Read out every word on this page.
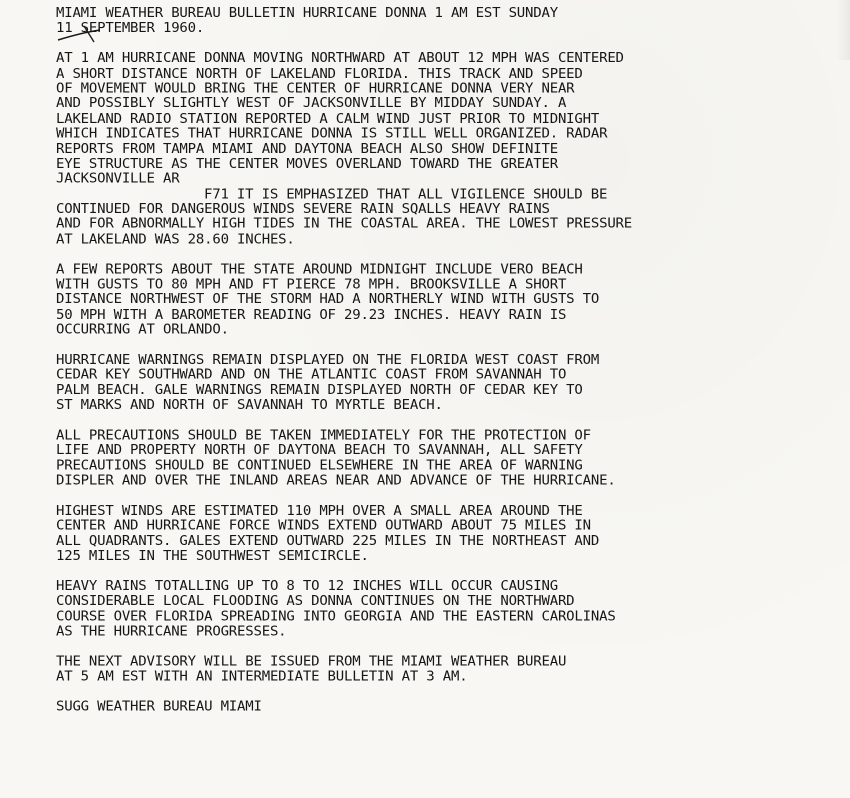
MIAMI WEATHER BUREAU BULLETIN HURRICANE DONNA 1 AM EST SUNDAY
11 SEPTEMBER 1960.
AT 1 AM HURRICANE DONNA MOVING NORTHWARD AT ABOUT 12 MPH WAS CENTERED
A SHORT DISTANCE NORTH OF LAKELAND FLORIDA. THIS TRACK AND SPEED
OF MOVEMENT WOULD BRING THE CENTER OF HURRICANE DONNA VERY NEAR
AND POSSIBLY SLIGHTLY WEST OF JACKSONVILLE BY MIDDAY SUNDAY. A
LAKELAND RADIO STATION REPORTED A CALM WIND JUST PRIOR TO MIDNIGHT
WHICH INDICATES THAT HURRICANE DONNA IS STILL WELL ORGANIZED. RADAR
REPORTS FROM TAMPA MIAMI AND DAYTONA BEACH ALSO SHOW DEFINITE
EYE STRUCTURE AS THE CENTER MOVES OVERLAND TOWARD THE GREATER
JACKSONVILLE AR
F71 IT IS EMPHASIZED THAT ALL VIGILENCE SHOULD BE
CONTINUED FOR DANGEROUS WINDS SEVERE RAIN SQALLS HEAVY RAINS
AND FOR ABNORMALLY HIGH TIDES IN THE COASTAL AREA. THE LOWEST PRESSURE
AT LAKELAND WAS 28.60 INCHES.
A FEW REPORTS ABOUT THE STATE AROUND MIDNIGHT INCLUDE VERO BEACH
WITH GUSTS TO 80 MPH AND FT PIERCE 78 MPH. BROOKSVILLE A SHORT
DISTANCE NORTHWEST OF THE STORM HAD A NORTHERLY WIND WITH GUSTS TO
50 MPH WITH A BAROMETER READING OF 29.23 INCHES. HEAVY RAIN IS
OCCURRING AT ORLANDO.
HURRICANE WARNINGS REMAIN DISPLAYED ON THE FLORIDA WEST COAST FROM
CEDAR KEY SOUTHWARD AND ON THE ATLANTIC COAST FROM SAVANNAH TO
PALM BEACH. GALE WARNINGS REMAIN DISPLAYED NORTH OF CEDAR KEY TO
ST MARKS AND NORTH OF SAVANNAH TO MYRTLE BEACH.
ALL PRECAUTIONS SHOULD BE TAKEN IMMEDIATELY FOR THE PROTECTION OF
LIFE AND PROPERTY NORTH OF DAYTONA BEACH TO SAVANNAH, ALL SAFETY
PRECAUTIONS SHOULD BE CONTINUED ELSEWHERE IN THE AREA OF WARNING
DISPLER AND OVER THE INLAND AREAS NEAR AND ADVANCE OF THE HURRICANE.
HIGHEST WINDS ARE ESTIMATED 110 MPH OVER A SMALL AREA AROUND THE
CENTER AND HURRICANE FORCE WINDS EXTEND OUTWARD ABOUT 75 MILES IN
ALL QUADRANTS. GALES EXTEND OUTWARD 225 MILES IN THE NORTHEAST AND
125 MILES IN THE SOUTHWEST SEMICIRCLE.
HEAVY RAINS TOTALLING UP TO 8 TO 12 INCHES WILL OCCUR CAUSING
CONSIDERABLE LOCAL FLOODING AS DONNA CONTINUES ON THE NORTHWARD
COURSE OVER FLORIDA SPREADING INTO GEORGIA AND THE EASTERN CAROLINAS
AS THE HURRICANE PROGRESSES.
THE NEXT ADVISORY WILL BE ISSUED FROM THE MIAMI WEATHER BUREAU
AT 5 AM EST WITH AN INTERMEDIATE BULLETIN AT 3 AM.
SUGG WEATHER BUREAU MIAMI
